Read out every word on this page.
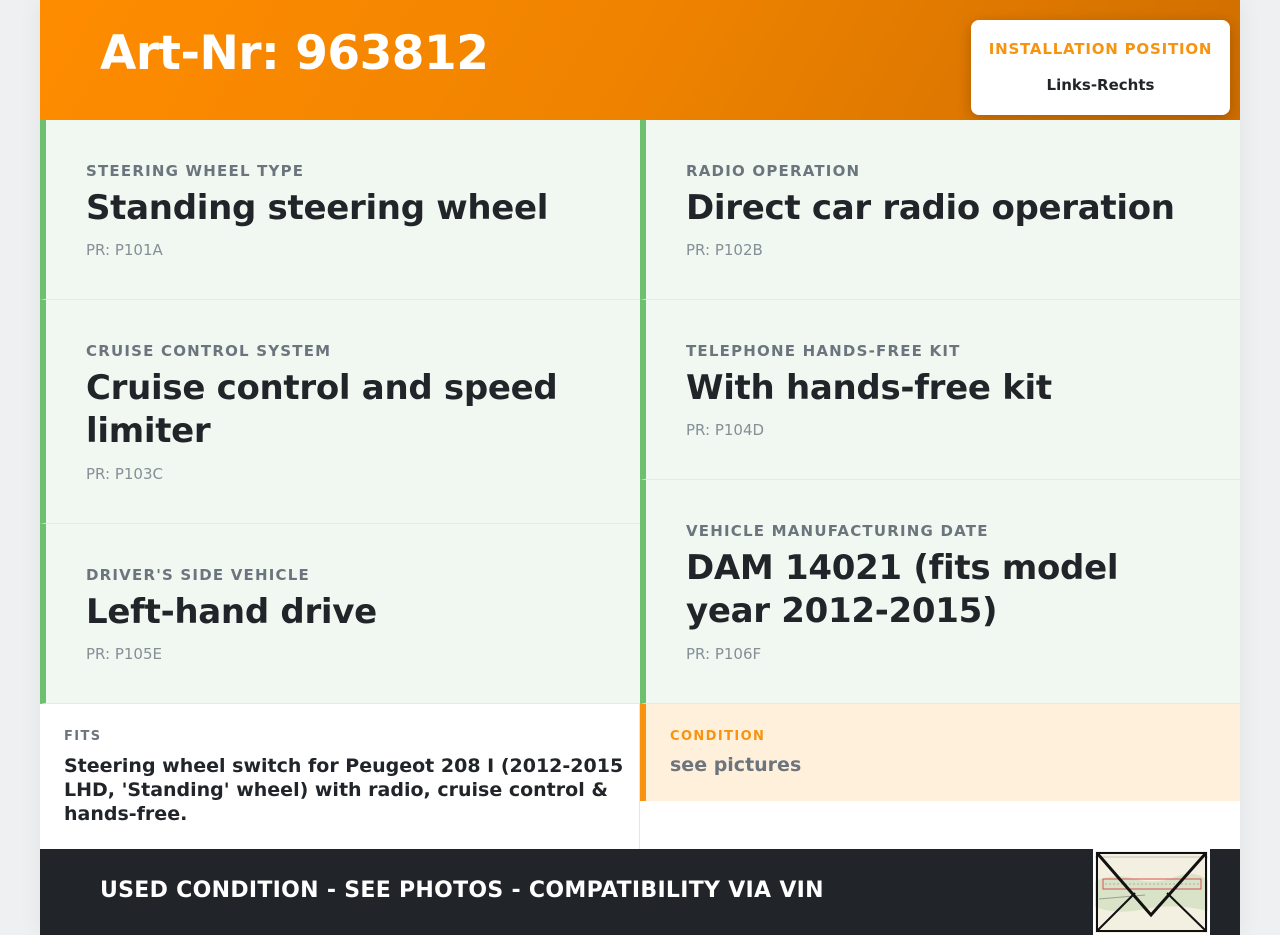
Art-Nr: 963812	INSTALLATION POSITION
Links-Rechts
STEERING WHEEL TYPE
Standing steering wheel
PR: P101A
CRUISE CONTROL SYSTEM
Cruise control and speed limiter
PR: P103C
DRIVER'S SIDE VEHICLE
Left-hand drive
PR: P105E
RADIO OPERATION
Direct car radio operation
PR: P102B
TELEPHONE HANDS-FREE KIT
With hands-free kit
PR: P104D
VEHICLE MANUFACTURING DATE
DAM 14021 (fits model year 2012-2015)
PR: P106F
FITS
Steering wheel switch for Peugeot 208 I (2012-2015 LHD, 'Standing' wheel) with radio, cruise control & hands-free.
CONDITION
see pictures
USED CONDITION - SEE PHOTOS - COMPATIBILITY VIA VIN
